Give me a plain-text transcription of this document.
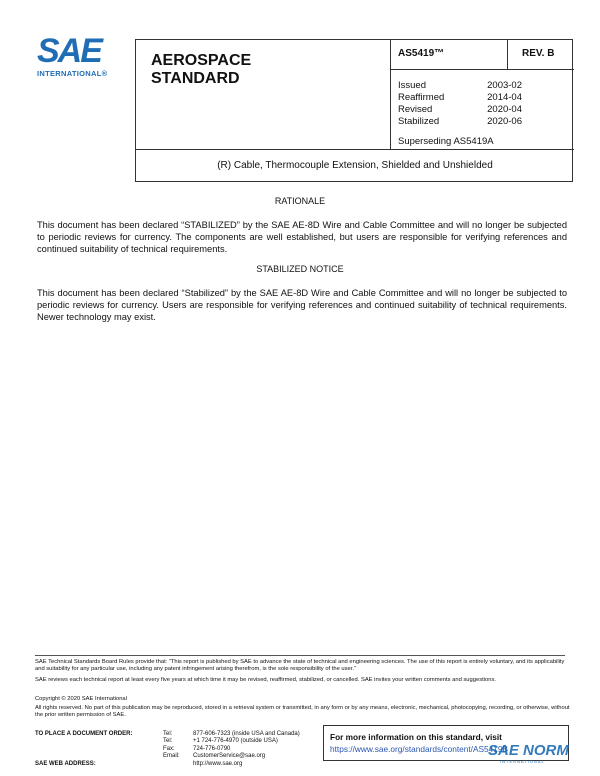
SAE
INTERNATIONAL®
AEROSPACE
STANDARD
AS5419™	REV. B
Issued	2003-02
Reaffirmed	2014-04
Revised	2020-04
Stabilized	2020-06
Superseding AS5419A
(R) Cable, Thermocouple Extension, Shielded and Unshielded
RATIONALE
This document has been declared “STABILIZED” by the SAE AE-8D Wire and Cable Committee and will no longer be subjected to periodic reviews for currency. The components are well established, but users are responsible for verifying references and continued suitability of technical requirements.
STABILIZED NOTICE
This document has been declared “Stabilized” by the SAE AE-8D Wire and Cable Committee and will no longer be subjected to periodic reviews for currency. Users are responsible for verifying references and continued suitability of technical requirements. Newer technology may exist.
SAE Technical Standards Board Rules provide that: “This report is published by SAE to advance the state of technical and engineering sciences. The use of this report is entirely voluntary, and its applicability and suitability for any particular use, including any patent infringement arising therefrom, is the sole responsibility of the user.”
SAE reviews each technical report at least every five years at which time it may be revised, reaffirmed, stabilized, or cancelled. SAE invites your written comments and suggestions.
Copyright © 2020 SAE International
All rights reserved. No part of this publication may be reproduced, stored in a retrieval system or transmitted, in any form or by any means, electronic, mechanical, photocopying, recording, or otherwise, without the prior written permission of SAE.
TO PLACE A DOCUMENT ORDER:	Tel:	877-606-7323 (inside USA and Canada)
Tel:	+1 724-776-4970 (outside USA)
Fax:	724-776-0790
Email:	CustomerService@sae.org
SAE WEB ADDRESS:	http://www.sae.org
For more information on this standard, visit
https://www.sae.org/standards/content/AS5419B
SAE NORM
INTERNATIONAL
